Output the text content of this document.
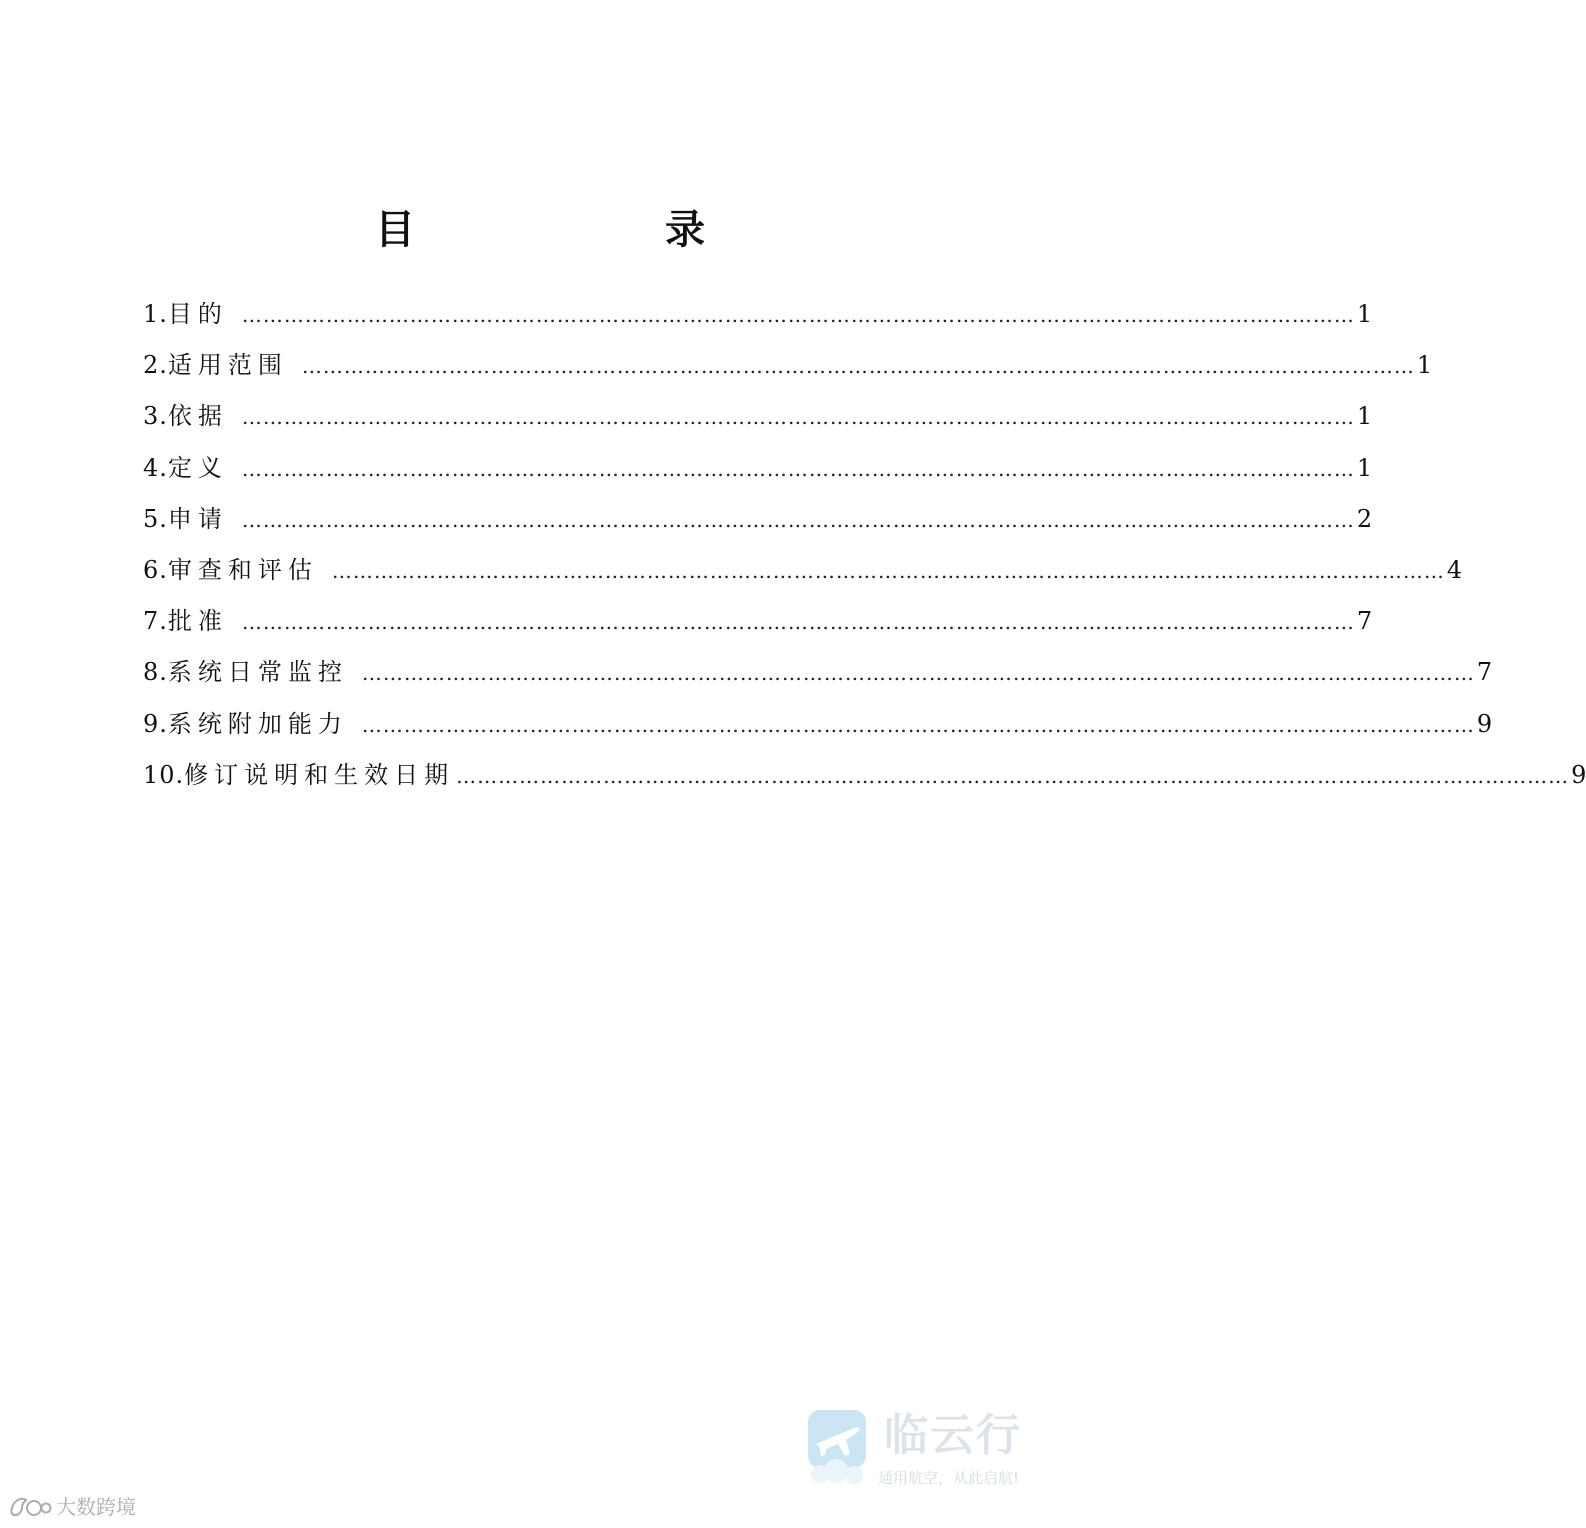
目 录
1. 目的 …………………………………………………………………………………………………………………………………………… 1
2. 适用范围 …………………………………………………………………………………………………………………………………………… 1
3. 依据 …………………………………………………………………………………………………………………………………………… 1
4. 定义 …………………………………………………………………………………………………………………………………………… 1
5. 申请 …………………………………………………………………………………………………………………………………………… 2
6. 审查和评估 …………………………………………………………………………………………………………………………………………… 4
7. 批准 …………………………………………………………………………………………………………………………………………… 7
8. 系统日常监控 …………………………………………………………………………………………………………………………………………… 7
9. 系统附加能力 …………………………………………………………………………………………………………………………………………… 9
10. 修订说明和生效日期 …………………………………………………………………………………………………………………………………………… 9
临云行
通用航空，从此启航!
大数跨境
